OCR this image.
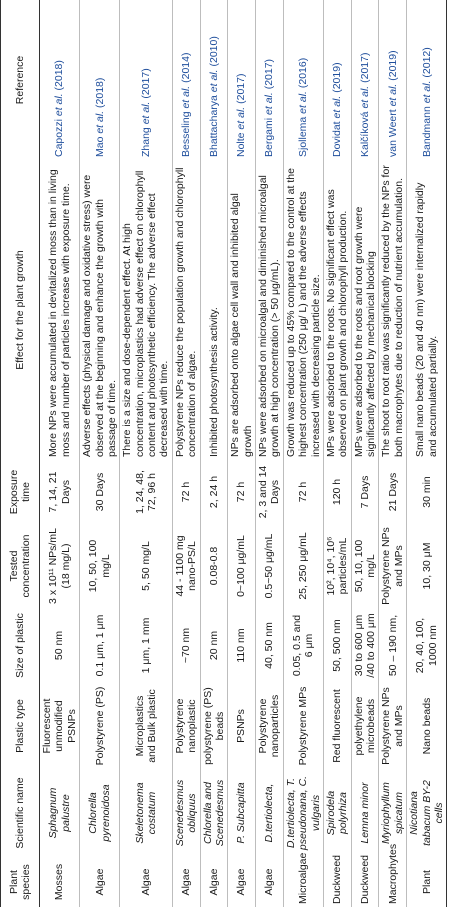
Plant species	Scientific name	Plastic type	Size of plastic	Tested concentration	Exposure time	Effect for the plant growth	Reference
Mosses	Sphagnum palustre	Fluorescent unmodified PSNPs	50 nm	3 x 10¹¹ NPs/mL (18 mg/L)	7, 14, 21 Days	More NPs were accumulated in devitalized moss than in living moss and number of particles increase with exposure time.	Capozzi et al. (2018)
Algae	Chlorella pyrenoidosa	Polystyrene (PS)	0.1 μm, 1 μm	10, 50, 100 mg/L	30 Days	Adverse effects (physical damage and oxidative stress) were observed at the beginning and enhance the growth with passage of time.	Mao et al. (2018)
Algae	Skeletonema costatum	Microplastics and Bulk plastic	1 μm, 1 mm	5, 50 mg/L	1, 24, 48, 72, 96 h	There is a size and dose-dependent effect. At high concentration, microplastics had adverse effect on chlorophyll content and photosynthetic efficiency. The adverse effect decreased with time.	Zhang et al. (2017)
Algae	Scenedesmus obliquus	Polystyrene nanoplastic	~70 nm	44 - 1100 mg nano-PS/L	72 h	Polystyrene NPs reduce the population growth and chlorophyll concentration of algae.	Besseling et al. (2014)
Algae	Chlorella and Scenedesmus	polystyrene (PS) beads	20 nm	0.08-0.8	2, 24 h	Inhibited photosynthesis activity.	Bhattacharya et al. (2010)
Algae	P. Subcapitta	PSNPs	110 nm	0~100 μg/mL	72 h	NPs are adsorbed onto algae cell wall and inhibited algal growth	Nolte et al. (2017)
Algae	D.tertiolecta,	Polystyrene nanoparticles	40, 50 nm	0.5~50 μg/mL	2, 3 and 14 Days	NPs were adsorbed on microalgal and diminished microalgal growth at high concentration (> 50 μg/mL).	Bergami et al. (2017)
Microalgae	D.tertiolecta, T. pseudonana, C. vulgaris	Polystyrene MPs	0.05, 0.5 and 6 μm	25, 250 μg/mL	72 h	Growth was reduced up to 45% compared to the control at the highest concentration (250 μg/ L) and the adverse effects increased with decreasing particle size.	Sjollema et al. (2016)
Duckweed	Spirodela polyrhiza	Red fluorescent	50, 500 nm	10², 10⁴, 10⁶ particles/mL	120 h	MPs were adsorbed to the roots. No significant effect was observed on plant growth and chlorophyll production.	Dovidat et al. (2019)
Duckweed	Lemna minor	polyethylene microbeads	30 to 600 μm /40 to 400 μm	50, 10, 100 mg/L	7 Days	MPs were adsorbed to the roots and root growth were significantly affected by mechanical blocking	Kalčíková et al. (2017)
Macrophytes	Myriophyllum spicatum	Polystyrene NPs and MPs	50 – 190 nm,	Polystyrene NPs and MPs	21 Days	The shoot to root ratio was significantly reduced by the NPs for both macrophytes due to reduction of nutrient accumulation.	van Weert et al. (2019)
Plant	Nicotiana tabacum BY-2 cells	Nano beads	20, 40, 100, 1000 nm	10, 30 μM	30 min	Small nano beads (20 and 40 nm) were internalized rapidly and accumulated partially.	Bandmann et al. (2012)
